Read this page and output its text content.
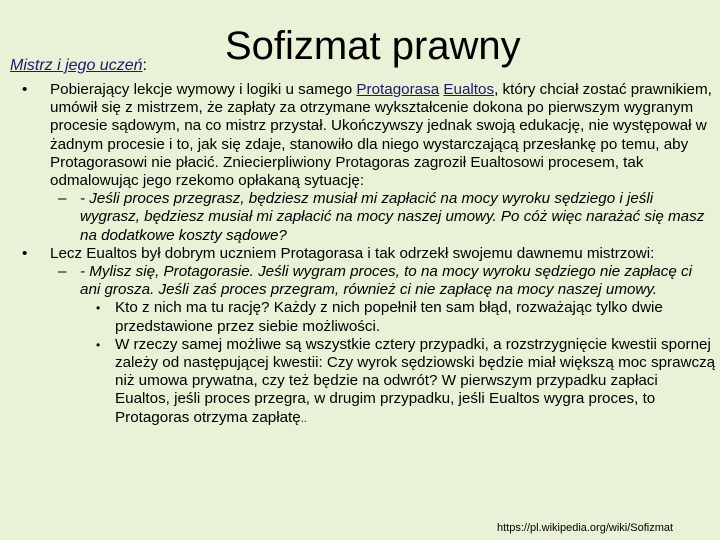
Sofizmat prawny
Mistrz i jego uczeń:
• Pobierający lekcje wymowy i logiki u samego Protagorasa Eualtos, który chciał zostać prawnikiem, umówił się z mistrzem, że zapłaty za otrzymane wykształcenie dokona po pierwszym wygranym procesie sądowym, na co mistrz przystał. Ukończywszy jednak swoją edukację, nie występował w żadnym procesie i to, jak się zdaje, stanowiło dla niego wystarczającą przesłankę po temu, aby Protagorasowi nie płacić. Zniecierpliwiony Protagoras zagroził Eualtosowi procesem, tak odmalowując jego rzekomo opłakaną sytuację:
– - Jeśli proces przegrasz, będziesz musiał mi zapłacić na mocy wyroku sędziego i jeśli wygrasz, będziesz musiał mi zapłacić na mocy naszej umowy. Po cóż więc narażać się masz na dodatkowe koszty sądowe?
• Lecz Eualtos był dobrym uczniem Protagorasa i tak odrzekł swojemu dawnemu mistrzowi:
– - Mylisz się, Protagorasie. Jeśli wygram proces, to na mocy wyroku sędziego nie zapłacę ci ani grosza. Jeśli zaś proces przegram, również ci nie zapłacę na mocy naszej umowy.
• Kto z nich ma tu rację? Każdy z nich popełnił ten sam błąd, rozważając tylko dwie przedstawione przez siebie możliwości.
• W rzeczy samej możliwe są wszystkie cztery przypadki, a rozstrzygnięcie kwestii spornej zależy od następującej kwestii: Czy wyrok sędziowski będzie miał większą moc sprawczą niż umowa prywatna, czy też będzie na odwrót? W pierwszym przypadku zapłaci Eualtos, jeśli proces przegra, w drugim przypadku, jeśli Eualtos wygra proces, to Protagoras otrzyma zapłatę..
https://pl.wikipedia.org/wiki/Sofizmat
